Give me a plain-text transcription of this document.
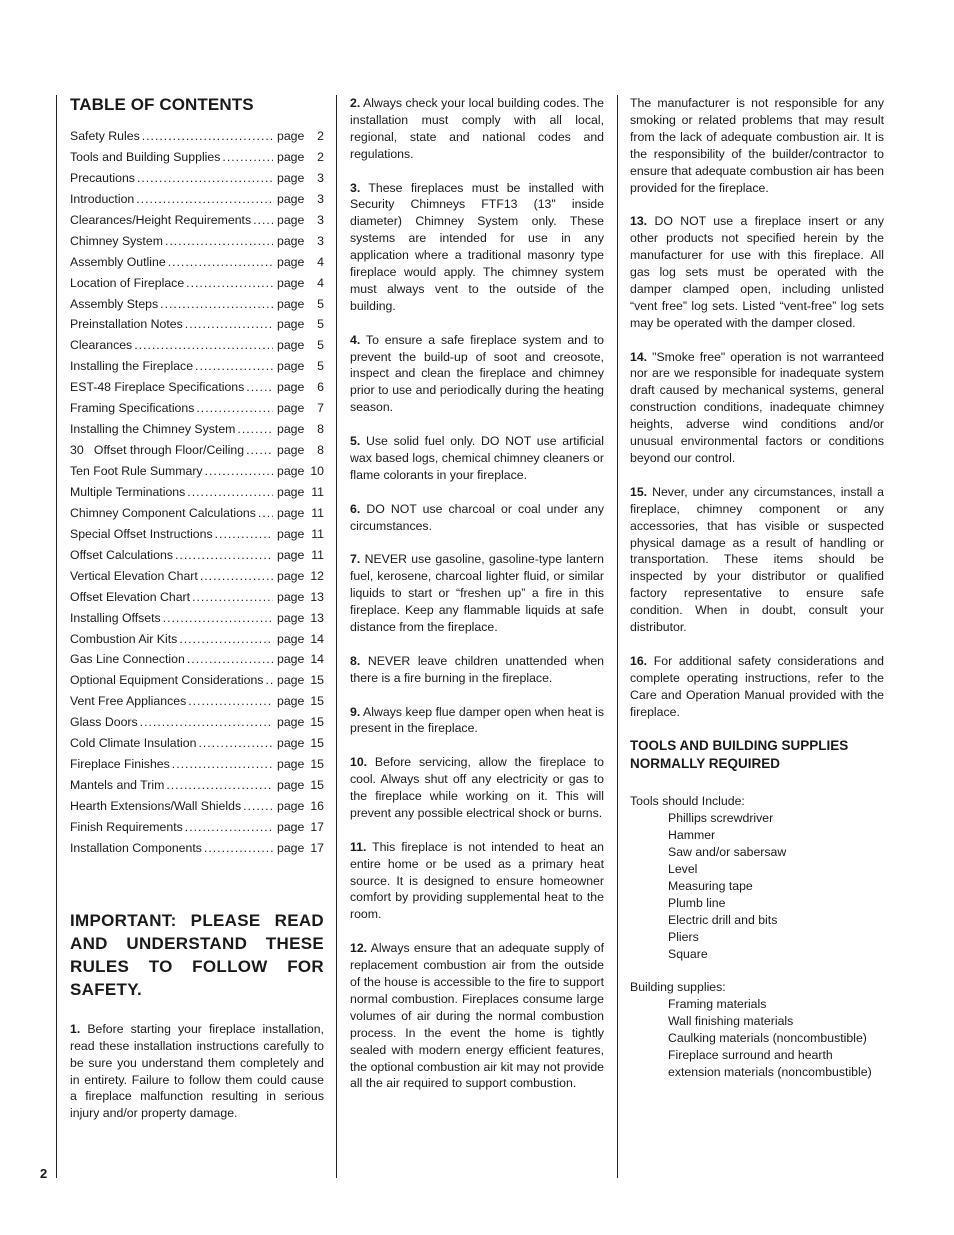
2
TABLE OF CONTENTS
Safety Rules .....	page	2
Tools and Building Supplies .....	page	2
Precautions .....	page	3
Introduction .....	page	3
Clearances/Height Requirements ..... page	3
Chimney System .....	page	3
Assembly Outline .....	page	4
Location of Fireplace .....	page	4
Assembly Steps .....	page	5
Preinstallation Notes .....	page	5
Clearances .....	page	5
Installing the Fireplace .....	page	5
EST-48 Fireplace Specifications .....	page	6
Framing Specifications .....	page	7
Installing the Chimney System .....	page	8
30   Offset through Floor/Ceiling .....	page	8
Ten Foot Rule Summary .....	page 10
Multiple Terminations .....	page 11
Chimney Component Calculations ..... page 11
Special Offset Instructions .....	page 11
Offset Calculations .....	page 11
Vertical Elevation Chart .....	page 12
Offset Elevation Chart .....	page 13
Installing Offsets .....	page 13
Combustion Air Kits .....	page 14
Gas Line Connection .....	page 14
Optional Equipment Considerations ..... page 15
Vent Free Appliances .....	page 15
Glass Doors .....	page 15
Cold Climate Insulation .....	page 15
Fireplace Finishes .....	page 15
Mantels and Trim .....	page 15
Hearth Extensions/Wall Shields .....	page 16
Finish Requirements .....	page 17
Installation Components .....	page 17
IMPORTANT: PLEASE READ AND UNDERSTAND THESE RULES TO FOLLOW FOR SAFETY.

1. Before starting your fireplace installation, read these installation instructions carefully to be sure you understand them completely and in entirety. Failure to follow them could cause a fireplace malfunction resulting in serious injury and/or property damage.

2. Always check your local building codes. The installation must comply with all local, regional, state and national codes and regulations.

3. These fireplaces must be installed with Security Chimneys FTF13 (13" inside diameter) Chimney System only. These systems are intended for use in any application where a traditional masonry type fireplace would apply. The chimney system must always vent to the outside of the building.

4. To ensure a safe fireplace system and to prevent the build-up of soot and creosote, inspect and clean the fireplace and chimney prior to use and periodically during the heating season.

5. Use solid fuel only. DO NOT use artificial wax based logs, chemical chimney cleaners or flame colorants in your fireplace.

6. DO NOT use charcoal or coal under any circumstances.

7. NEVER use gasoline, gasoline-type lantern fuel, kerosene, charcoal lighter fluid, or similar liquids to start or “freshen up” a fire in this fireplace. Keep any flammable liquids at safe distance from the fireplace.

8. NEVER leave children unattended when there is a fire burning in the fireplace.

9. Always keep flue damper open when heat is present in the fireplace.

10. Before servicing, allow the fireplace to cool. Always shut off any electricity or gas to the fireplace while working on it. This will prevent any possible electrical shock or burns.

11. This fireplace is not intended to heat an entire home or be used as a primary heat source. It is designed to ensure homeowner comfort by providing supplemental heat to the room.

12. Always ensure that an adequate supply of replacement combustion air from the outside of the house is accessible to the fire to support normal combustion. Fireplaces consume large volumes of air during the normal combustion process. In the event the home is tightly sealed with modern energy efficient features, the optional combustion air kit may not provide all the air required to support combustion.

The manufacturer is not responsible for any smoking or related problems that may result from the lack of adequate combustion air. It is the responsibility of the builder/contractor to ensure that adequate combustion air has been provided for the fireplace.

13. DO NOT use a fireplace insert or any other products not specified herein by the manufacturer for use with this fireplace. All gas log sets must be operated with the damper clamped open, including unlisted “vent free” log sets. Listed “vent-free” log sets may be operated with the damper closed.

14. "Smoke free" operation is not warranteed nor are we responsible for inadequate system draft caused by mechanical systems, general construction conditions, inadequate chimney heights, adverse wind conditions and/or unusual environmental factors or conditions beyond our control.

15. Never, under any circumstances, install a fireplace, chimney component or any accessories, that has visible or suspected physical damage as a result of handling or transportation. These items should be inspected by your distributor or qualified factory representative to ensure safe condition. When in doubt, consult your distributor.

16. For additional safety considerations and complete operating instructions, refer to the Care and Operation Manual provided with the fireplace.

TOOLS AND BUILDING SUPPLIES
NORMALLY REQUIRED

Tools should Include:

Phillips screwdriver
Hammer
Saw and/or sabersaw
Level
Measuring tape
Plumb line
Electric drill and bits
Pliers
Square

Building supplies:

Framing materials
Wall finishing materials
Caulking materials (noncombustible)
Fireplace surround and hearth
extension materials (noncombustible)
